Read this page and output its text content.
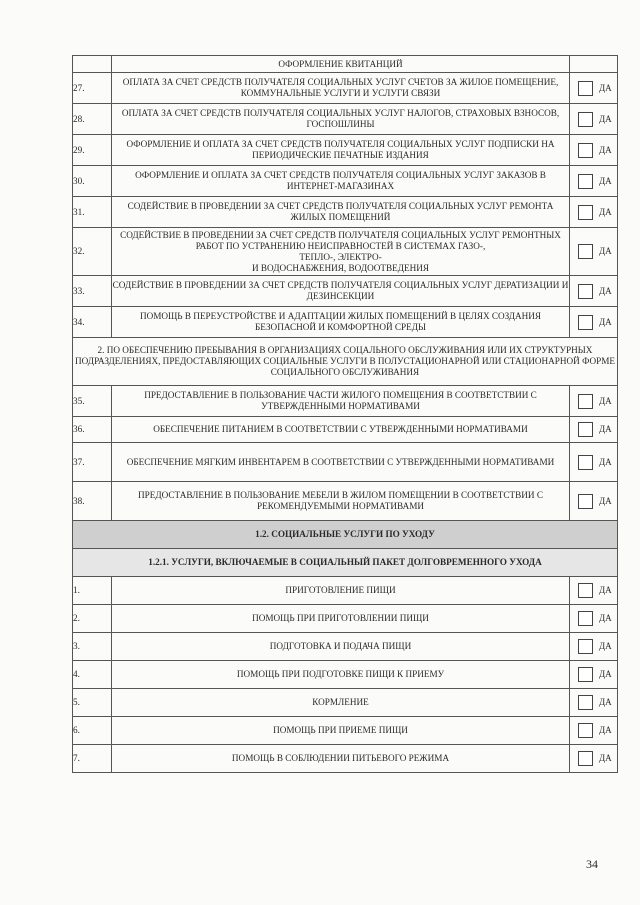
	ОФОРМЛЕНИЕ КВИТАНЦИЙ	
27.	ОПЛАТА ЗА СЧЕТ СРЕДСТВ ПОЛУЧАТЕЛЯ СОЦИАЛЬНЫХ УСЛУГ СЧЕТОВ ЗА ЖИЛОЕ ПОМЕЩЕНИЕ, КОММУНАЛЬНЫЕ УСЛУГИ И УСЛУГИ СВЯЗИ	ДА

28.	ОПЛАТА ЗА СЧЕТ СРЕДСТВ ПОЛУЧАТЕЛЯ СОЦИАЛЬНЫХ УСЛУГ НАЛОГОВ, СТРАХОВЫХ ВЗНОСОВ, ГОСПОШЛИНЫ	ДА

29.	ОФОРМЛЕНИЕ И ОПЛАТА ЗА СЧЕТ СРЕДСТВ ПОЛУЧАТЕЛЯ СОЦИАЛЬНЫХ УСЛУГ ПОДПИСКИ НА ПЕРИОДИЧЕСКИЕ ПЕЧАТНЫЕ ИЗДАНИЯ	ДА

30.	ОФОРМЛЕНИЕ И ОПЛАТА ЗА СЧЕТ СРЕДСТВ ПОЛУЧАТЕЛЯ СОЦИАЛЬНЫХ УСЛУГ ЗАКАЗОВ В ИНТЕРНЕТ-МАГАЗИНАХ	ДА

31.	СОДЕЙСТВИЕ В ПРОВЕДЕНИИ ЗА СЧЕТ СРЕДСТВ ПОЛУЧАТЕЛЯ СОЦИАЛЬНЫХ УСЛУГ РЕМОНТА ЖИЛЫХ ПОМЕЩЕНИЙ	ДА

32.	СОДЕЙСТВИЕ В ПРОВЕДЕНИИ ЗА СЧЕТ СРЕДСТВ ПОЛУЧАТЕЛЯ СОЦИАЛЬНЫХ УСЛУГ РЕМОНТНЫХ РАБОТ ПО УСТРАНЕНИЮ НЕИСПРАВНОСТЕЙ В СИСТЕМАХ ГАЗО-,
ТЕПЛО-, ЭЛЕКТРО-
И ВОДОСНАБЖЕНИЯ, ВОДООТВЕДЕНИЯ	ДА

33.	СОДЕЙСТВИЕ В ПРОВЕДЕНИИ ЗА СЧЕТ СРЕДСТВ ПОЛУЧАТЕЛЯ СОЦИАЛЬНЫХ УСЛУГ ДЕРАТИЗАЦИИ И ДЕЗИНСЕКЦИИ	ДА

34.	ПОМОЩЬ В ПЕРЕУСТРОЙСТВЕ И АДАПТАЦИИ ЖИЛЫХ ПОМЕЩЕНИЙ В ЦЕЛЯХ СОЗДАНИЯ БЕЗОПАСНОЙ И КОМФОРТНОЙ СРЕДЫ	ДА

2. ПО ОБЕСПЕЧЕНИЮ ПРЕБЫВАНИЯ В ОРГАНИЗАЦИЯХ СОЦАЛЬНОГО ОБСЛУЖИВАНИЯ ИЛИ ИХ СТРУКТУРНЫХ ПОДРАЗДЕЛЕНИЯХ, ПРЕДОСТАВЛЯЮЩИХ СОЦИАЛЬНЫЕ УСЛУГИ В ПОЛУСТАЦИОНАРНОЙ ИЛИ СТАЦИОНАРНОЙ ФОРМЕ СОЦИАЛЬНОГО ОБСЛУЖИВАНИЯ		
35.	ПРЕДОСТАВЛЕНИЕ В ПОЛЬЗОВАНИЕ ЧАСТИ ЖИЛОГО ПОМЕЩЕНИЯ В СООТВЕТСТВИИ С УТВЕРЖДЕННЫМИ НОРМАТИВАМИ	ДА

36.	ОБЕСПЕЧЕНИЕ ПИТАНИЕМ В СООТВЕТСТВИИ С УТВЕРЖДЕННЫМИ НОРМАТИВАМИ	ДА

37.	ОБЕСПЕЧЕНИЕ МЯГКИМ ИНВЕНТАРЕМ В СООТВЕТСТВИИ С УТВЕРЖДЕННЫМИ НОРМАТИВАМИ	ДА

38.	ПРЕДОСТАВЛЕНИЕ В ПОЛЬЗОВАНИЕ МЕБЕЛИ В ЖИЛОМ ПОМЕЩЕНИИ В СООТВЕТСТВИИ С РЕКОМЕНДУЕМЫМИ НОРМАТИВАМИ	ДА

1.2. СОЦИАЛЬНЫЕ УСЛУГИ ПО УХОДУ		
1.2.1. УСЛУГИ, ВКЛЮЧАЕМЫЕ В СОЦИАЛЬНЫЙ ПАКЕТ ДОЛГОВРЕМЕННОГО УХОДА		
1.	ПРИГОТОВЛЕНИЕ ПИЩИ	ДА

2.	ПОМОЩЬ ПРИ ПРИГОТОВЛЕНИИ ПИЩИ	ДА

3.	ПОДГОТОВКА И ПОДАЧА ПИЩИ	ДА

4.	ПОМОЩЬ ПРИ ПОДГОТОВКЕ ПИЩИ К ПРИЕМУ	ДА

5.	КОРМЛЕНИЕ	ДА

6.	ПОМОЩЬ ПРИ ПРИЕМЕ ПИЩИ	ДА

7.	ПОМОЩЬ В СОБЛЮДЕНИИ ПИТЬЕВОГО РЕЖИМА	ДА
34
